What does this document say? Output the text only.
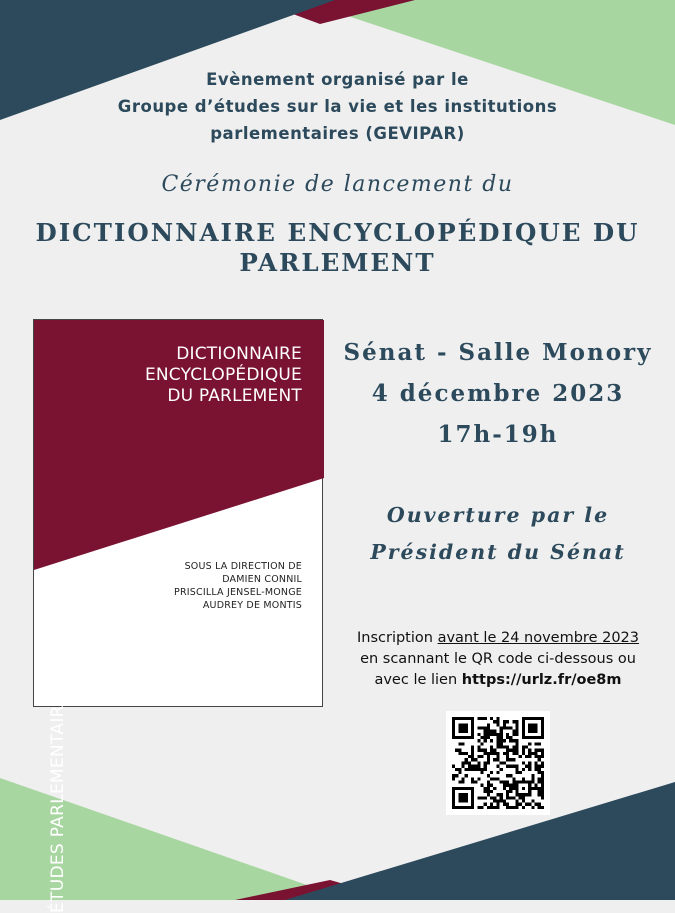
Evènement organisé par le
Groupe d’études sur la vie et les institutions
parlementaires (GEVIPAR)
Cérémonie de lancement du
DICTIONNAIRE ENCYCLOPÉDIQUE DU
PARLEMENT
DICTIONNAIRE
ENCYCLOPÉDIQUE
DU PARLEMENT
ÉTUDES PARLEMENTAIRES
SOUS LA DIRECTION DE
DAMIEN CONNIL
PRISCILLA JENSEL-MONGE
AUDREY DE MONTIS
Sénat - Salle Monory
4 décembre 2023
17h-19h
Ouverture par le
Président du Sénat
Inscription avant le 24 novembre 2023
en scannant le QR code ci-dessous ou
avec le lien https://urlz.fr/oe8m
